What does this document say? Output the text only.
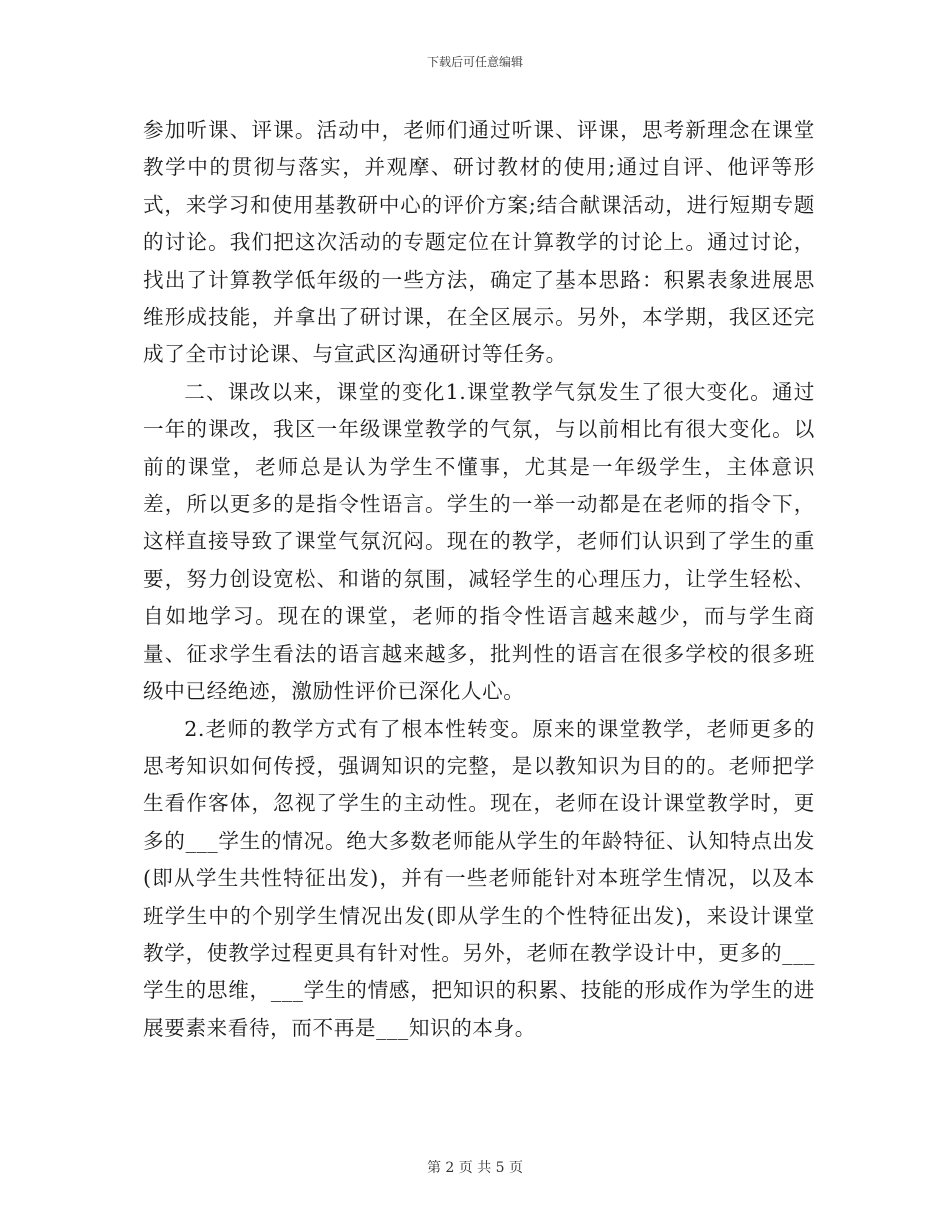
下载后可任意编辑

参加听课、评课。活动中，老师们通过听课、评课，思考新理念在课堂教学中的贯彻与落实，并观摩、研讨教材的使用;通过自评、他评等形式，来学习和使用基教研中心的评价方案;结合献课活动，进行短期专题的讨论。我们把这次活动的专题定位在计算教学的讨论上。通过讨论，找出了计算教学低年级的一些方法，确定了基本思路：积累表象进展思维形成技能，并拿出了研讨课，在全区展示。另外，本学期，我区还完成了全市讨论课、与宣武区沟通研讨等任务。

二、课改以来，课堂的变化1.课堂教学气氛发生了很大变化。通过一年的课改，我区一年级课堂教学的气氛，与以前相比有很大变化。以前的课堂，老师总是认为学生不懂事，尤其是一年级学生，主体意识差，所以更多的是指令性语言。学生的一举一动都是在老师的指令下，这样直接导致了课堂气氛沉闷。现在的教学，老师们认识到了学生的重要，努力创设宽松、和谐的氛围，减轻学生的心理压力，让学生轻松、自如地学习。现在的课堂，老师的指令性语言越来越少，而与学生商量、征求学生看法的语言越来越多，批判性的语言在很多学校的很多班级中已经绝迹，激励性评价已深化人心。

2.老师的教学方式有了根本性转变。原来的课堂教学，老师更多的思考知识如何传授，强调知识的完整，是以教知识为目的的。老师把学生看作客体，忽视了学生的主动性。现在，老师在设计课堂教学时，更多的___学生的情况。绝大多数老师能从学生的年龄特征、认知特点出发(即从学生共性特征出发)，并有一些老师能针对本班学生情况，以及本班学生中的个别学生情况出发(即从学生的个性特征出发)，来设计课堂教学，使教学过程更具有针对性。另外，老师在教学设计中，更多的___学生的思维，___学生的情感，把知识的积累、技能的形成作为学生的进展要素来看待，而不再是___知识的本身。

第 2 页 共 5 页
